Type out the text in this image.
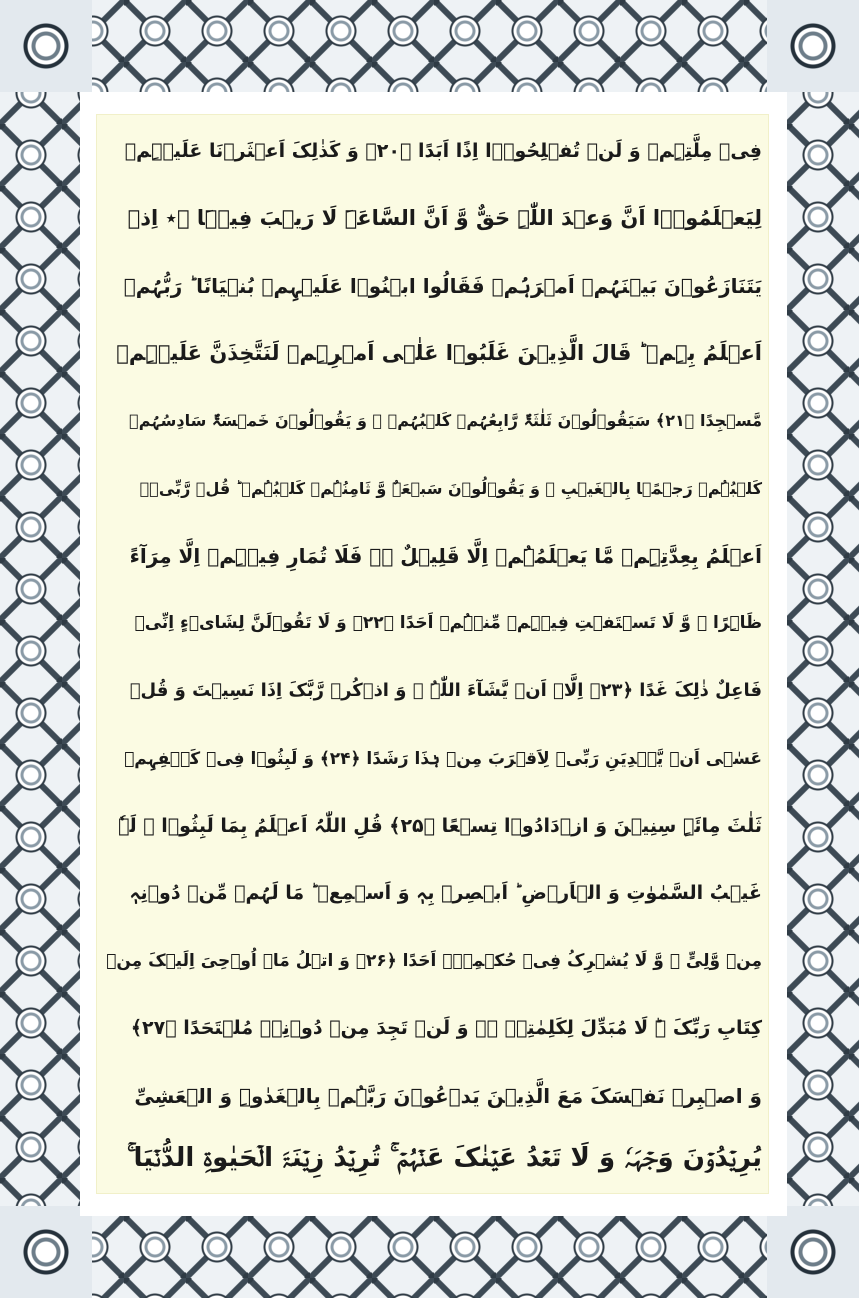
فِیۡ مِلَّتِہِمۡ وَ لَنۡ تُفۡلِحُوۡۤا اِذًا اَبَدًا ﴿۲۰﴾ وَ کَذٰلِکَ اَعۡثَرۡنَا عَلَیۡہِمۡ
لِیَعۡلَمُوۡۤا اَنَّ وَعۡدَ اللّٰہِ حَقٌّ وَّ اَنَّ السَّاعَۃَ لَا رَیۡبَ فِیۡہَا ۚ٭ اِذۡ
یَتَنَازَعُوۡنَ بَیۡنَہُمۡ اَمۡرَہُمۡ فَقَالُوا ابۡنُوۡا عَلَیۡہِمۡ بُنۡیَانًا ؕ رَبُّہُمۡ
اَعۡلَمُ بِہِمۡ ؕ قَالَ الَّذِیۡنَ غَلَبُوۡا عَلٰۤی اَمۡرِہِمۡ لَنَتَّخِذَنَّ عَلَیۡہِمۡ
مَّسۡجِدًا ﴿۲۱﴾ سَیَقُوۡلُوۡنَ ثَلٰثَۃٌ رَّابِعُہُمۡ کَلۡبُہُمۡ ۚ وَ یَقُوۡلُوۡنَ خَمۡسَۃٌ سَادِسُہُمۡ
کَلۡبُہُمۡ رَجۡمًۢا بِالۡغَیۡبِ ۚ وَ یَقُوۡلُوۡنَ سَبۡعَۃٌ وَّ ثَامِنُہُمۡ کَلۡبُہُمۡ ؕ قُلۡ رَّبِّیۡۤ
اَعۡلَمُ بِعِدَّتِہِمۡ مَّا یَعۡلَمُہُمۡ اِلَّا قَلِیۡلٌ ۬۟ فَلَا تُمَارِ فِیۡہِمۡ اِلَّا مِرَآءً
ظَاہِرًا ۪ وَّ لَا تَسۡتَفۡتِ فِیۡہِمۡ مِّنۡہُمۡ اَحَدًا ﴿۲۲﴾ وَ لَا تَقُوۡلَنَّ لِشَایۡءٍ اِنِّیۡ
فَاعِلٌ ذٰلِکَ غَدًا ﴿۲۳﴾ اِلَّاۤ اَنۡ یَّشَآءَ اللّٰہُ ۫ وَ اذۡکُرۡ رَّبَّکَ اِذَا نَسِیۡتَ وَ قُلۡ
عَسٰۤی اَنۡ یَّہۡدِیَنِ رَبِّیۡ لِاَقۡرَبَ مِنۡ ہٰذَا رَشَدًا ﴿۲۴﴾ وَ لَبِثُوۡا فِیۡ کَہۡفِہِمۡ
ثَلٰثَ مِائَۃٍ سِنِیۡنَ وَ ازۡدَادُوۡا تِسۡعًا ﴿۲۵﴾ قُلِ اللّٰہُ اَعۡلَمُ بِمَا لَبِثُوۡا ۚ لَہٗ
غَیۡبُ السَّمٰوٰتِ وَ الۡاَرۡضِ ؕ اَبۡصِرۡ بِہٖ وَ اَسۡمِعۡ ؕ مَا لَہُمۡ مِّنۡ دُوۡنِہٖ
مِنۡ وَّلِیٍّ ۫ وَّ لَا یُشۡرِکُ فِیۡ حُکۡمِہٖۤ اَحَدًا ﴿۲۶﴾ وَ اتۡلُ مَاۤ اُوۡحِیَ اِلَیۡکَ مِنۡ
کِتَابِ رَبِّکَ ۚؕ لَا مُبَدِّلَ لِکَلِمٰتِہٖ ۚ۟ وَ لَنۡ تَجِدَ مِنۡ دُوۡنِہٖ مُلۡتَحَدًا ﴿۲۷﴾
وَ اصۡبِرۡ نَفۡسَکَ مَعَ الَّذِیۡنَ یَدۡعُوۡنَ رَبَّہُمۡ بِالۡغَدٰوۃِ وَ الۡعَشِیِّ
یُرِیۡدُوۡنَ وَجۡہَہٗ وَ لَا تَعۡدُ عَیۡنٰکَ عَنۡہُمۡ ۚ تُرِیۡدُ زِیۡنَۃَ الۡحَیٰوۃِ الدُّنۡیَا ۚ
